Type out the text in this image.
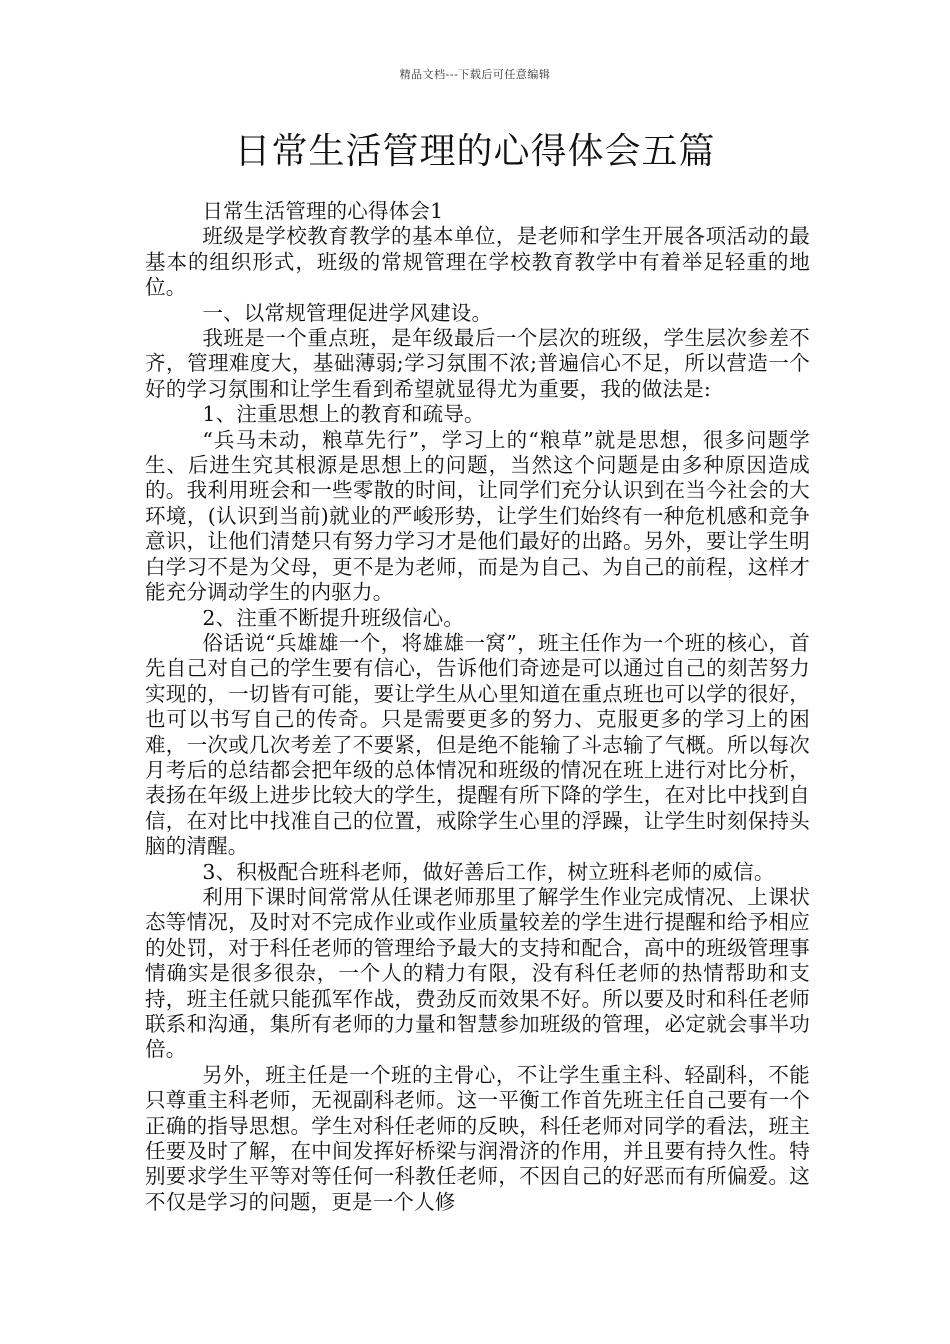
精品文档---下载后可任意编辑
日常生活管理的心得体会五篇

日常生活管理的心得体会1

班级是学校教育教学的基本单位，是老师和学生开展各项活动的最基本的组织形式，班级的常规管理在学校教育教学中有着举足轻重的地位。

一、以常规管理促进学风建设。

我班是一个重点班，是年级最后一个层次的班级，学生层次参差不齐，管理难度大，基础薄弱;学习氛围不浓;普遍信心不足，所以营造一个好的学习氛围和让学生看到希望就显得尤为重要，我的做法是:

1、注重思想上的教育和疏导。

“兵马未动，粮草先行”，学习上的“粮草”就是思想，很多问题学生、后进生究其根源是思想上的问题，当然这个问题是由多种原因造成的。我利用班会和一些零散的时间，让同学们充分认识到在当今社会的大环境，(认识到当前)就业的严峻形势，让学生们始终有一种危机感和竞争意识，让他们清楚只有努力学习才是他们最好的出路。另外，要让学生明白学习不是为父母，更不是为老师，而是为自己、为自己的前程，这样才能充分调动学生的内驱力。

2、注重不断提升班级信心。

俗话说“兵雄雄一个，将雄雄一窝”，班主任作为一个班的核心，首先自己对自己的学生要有信心，告诉他们奇迹是可以通过自己的刻苦努力实现的，一切皆有可能，要让学生从心里知道在重点班也可以学的很好，也可以书写自己的传奇。只是需要更多的努力、克服更多的学习上的困难，一次或几次考差了不要紧，但是绝不能输了斗志输了气概。所以每次月考后的总结都会把年级的总体情况和班级的情况在班上进行对比分析，表扬在年级上进步比较大的学生，提醒有所下降的学生，在对比中找到自信，在对比中找准自己的位置，戒除学生心里的浮躁，让学生时刻保持头脑的清醒。

3、积极配合班科老师，做好善后工作，树立班科老师的威信。

利用下课时间常常从任课老师那里了解学生作业完成情况、上课状态等情况，及时对不完成作业或作业质量较差的学生进行提醒和给予相应的处罚，对于科任老师的管理给予最大的支持和配合，高中的班级管理事情确实是很多很杂，一个人的精力有限，没有科任老师的热情帮助和支持，班主任就只能孤军作战，费劲反而效果不好。所以要及时和科任老师联系和沟通，集所有老师的力量和智慧参加班级的管理，必定就会事半功倍。

另外，班主任是一个班的主骨心，不让学生重主科、轻副科，不能只尊重主科老师，无视副科老师。这一平衡工作首先班主任自己要有一个正确的指导思想。学生对科任老师的反映，科任老师对同学的看法，班主任要及时了解，在中间发挥好桥梁与润滑济的作用，并且要有持久性。特别要求学生平等对等任何一科教任老师，不因自己的好恶而有所偏爱。这不仅是学习的问题，更是一个人修
